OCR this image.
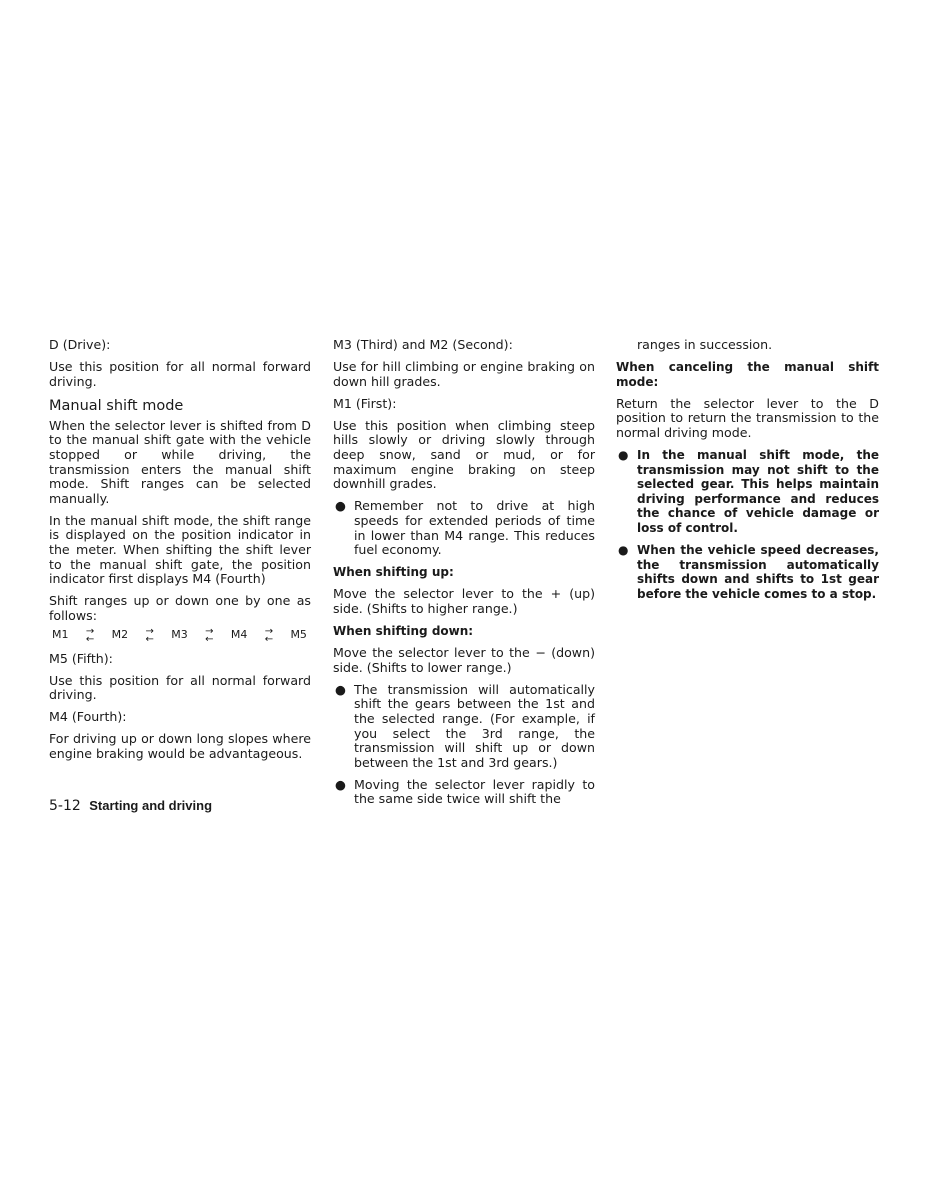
D (Drive):

Use this position for all normal forward driving.

Manual shift mode

When the selector lever is shifted from D to the manual shift gate with the vehicle stopped or while driving, the transmission enters the manual shift mode. Shift ranges can be selected manually.

In the manual shift mode, the shift range is displayed on the position indicator in the meter. When shifting the shift lever to the manual shift gate, the position indicator first displays M4 (Fourth)

Shift ranges up or down one by one as follows:

M1 →
← M2 →
← M3 →
← M4 →
← M5

M5 (Fifth):

Use this position for all normal forward driving.

M4 (Fourth):

For driving up or down long slopes where engine braking would be advantageous.

M3 (Third) and M2 (Second):

Use for hill climbing or engine braking on down hill grades.

M1 (First):

Use this position when climbing steep hills slowly or driving slowly through deep snow, sand or mud, or for maximum engine braking on steep downhill grades.

● Remember not to drive at high speeds for extended periods of time in lower than M4 range. This reduces fuel economy.

When shifting up:

Move the selector lever to the + (up) side. (Shifts to higher range.)

When shifting down:

Move the selector lever to the − (down) side. (Shifts to lower range.)

● The transmission will automatically shift the gears between the 1st and the selected range. (For example, if you select the 3rd range, the transmission will shift up or down between the 1st and 3rd gears.)
● Moving the selector lever rapidly to the same side twice will shift the

ranges in succession.

When canceling the manual shift mode:

Return the selector lever to the D position to return the transmission to the normal driving mode.

● In the manual shift mode, the transmission may not shift to the selected gear. This helps maintain driving performance and reduces the chance of vehicle damage or loss of control.
● When the vehicle speed decreases, the transmission automatically shifts down and shifts to 1st gear before the vehicle comes to a stop.
5-12 Starting and driving
